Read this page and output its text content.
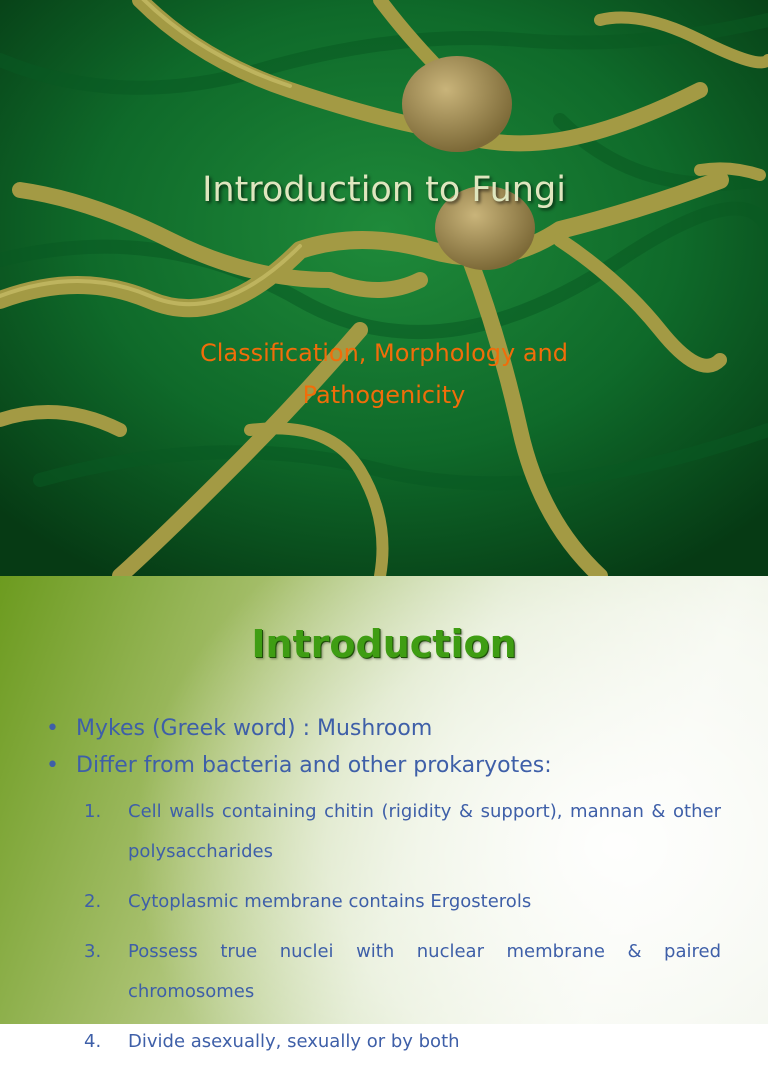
Introduction to Fungi
Classification, Morphology and Pathogenicity
Introduction
• Mykes (Greek word) : Mushroom
• Differ from bacteria and other prokaryotes:
1. Cell walls containing chitin (rigidity & support), mannan & other polysaccharides
2. Cytoplasmic membrane contains Ergosterols
3. Possess true nuclei with nuclear membrane & paired chromosomes
4. Divide asexually, sexually or by both
